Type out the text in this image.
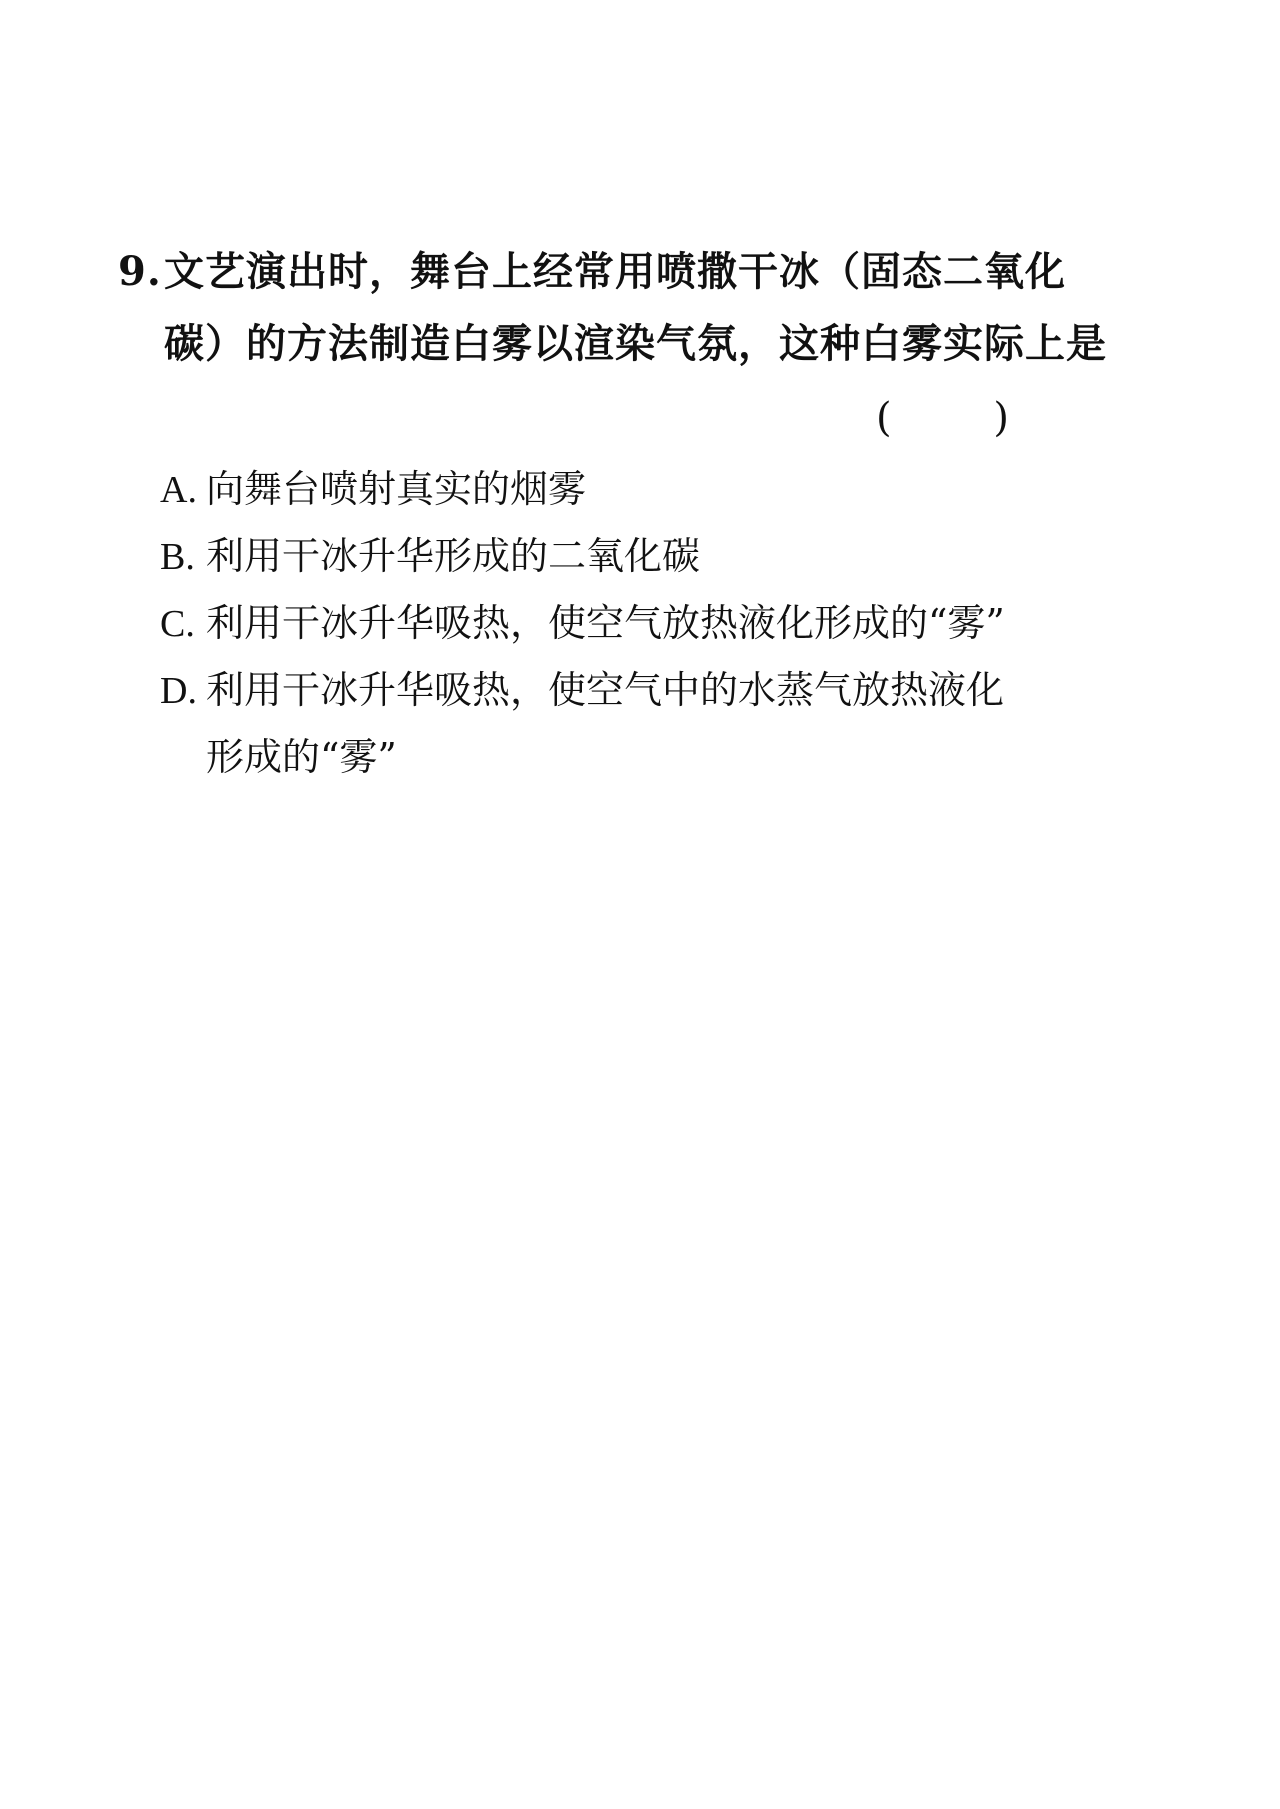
9.文艺演出时，舞台上经常用喷撒干冰（固态二氧化
碳）的方法制造白雾以渲染气氛，这种白雾实际上是
(        )
A. 向舞台喷射真实的烟雾
B. 利用干冰升华形成的二氧化碳
C. 利用干冰升华吸热，使空气放热液化形成的“雾”
D. 利用干冰升华吸热，使空气中的水蒸气放热液化
形成的“雾”
